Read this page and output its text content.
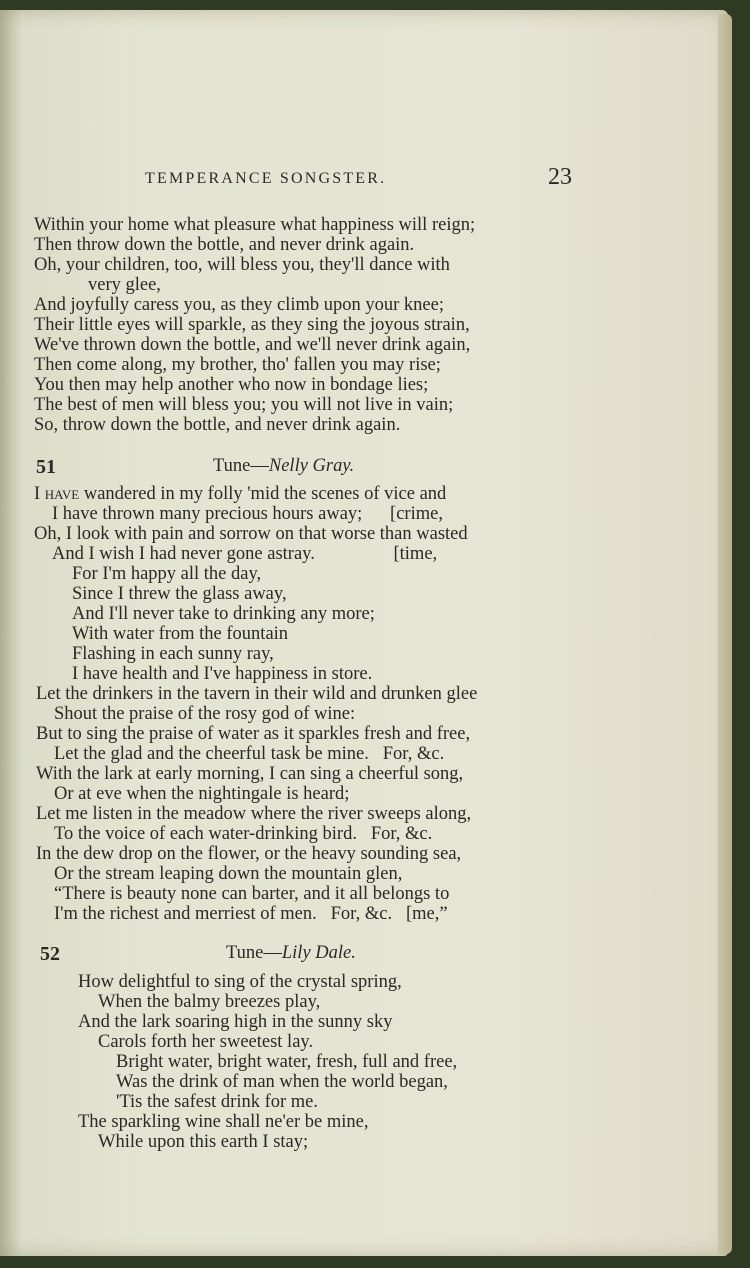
TEMPERANCE SONGSTER.	23
Within your home what pleasure what happiness will reign;
Then throw down the bottle, and never drink again.
Oh, your children, too, will bless you, they'll dance with
very glee,
And joyfully caress you, as they climb upon your knee;
Their little eyes will sparkle, as they sing the joyous strain,
We've thrown down the bottle, and we'll never drink again,
Then come along, my brother, tho' fallen you may rise;
You then may help another who now in bondage lies;
The best of men will bless you; you will not live in vain;
So, throw down the bottle, and never drink again.
51	Tune—Nelly Gray.
I have wandered in my folly 'mid the scenes of vice and
I have thrown many precious hours away;      [crime,
Oh, I look with pain and sorrow on that worse than wasted
And I wish I had never gone astray.                 [time,
For I'm happy all the day,
Since I threw the glass away,
And I'll never take to drinking any more;
With water from the fountain
Flashing in each sunny ray,
I have health and I've happiness in store.
Let the drinkers in the tavern in their wild and drunken glee
Shout the praise of the rosy god of wine:
But to sing the praise of water as it sparkles fresh and free,
Let the glad and the cheerful task be mine.   For, &c.
With the lark at early morning, I can sing a cheerful song,
Or at eve when the nightingale is heard;
Let me listen in the meadow where the river sweeps along,
To the voice of each water-drinking bird.   For, &c.
In the dew drop on the flower, or the heavy sounding sea,
Or the stream leaping down the mountain glen,
“There is beauty none can barter, and it all belongs to
I'm the richest and merriest of men.   For, &c.   [me,”
52	Tune—Lily Dale.
How delightful to sing of the crystal spring,
When the balmy breezes play,
And the lark soaring high in the sunny sky
Carols forth her sweetest lay.
Bright water, bright water, fresh, full and free,
Was the drink of man when the world began,
'Tis the safest drink for me.
The sparkling wine shall ne'er be mine,
While upon this earth I stay;
